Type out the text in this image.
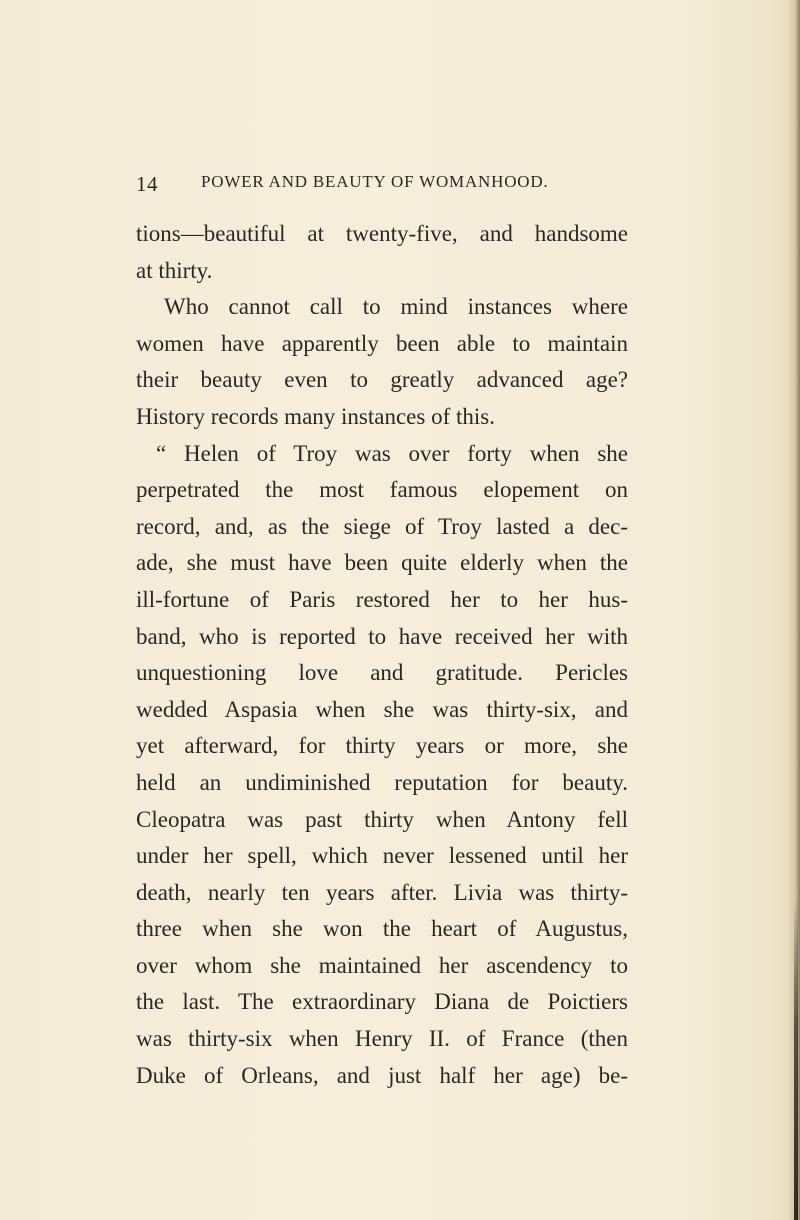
14	POWER AND BEAUTY OF WOMANHOOD.
tions—beautiful at twenty-five, and handsome
at thirty.
Who cannot call to mind instances where
women have apparently been able to maintain
their beauty even to greatly advanced age?
History records many instances of this.
“ Helen of Troy was over forty when she
perpetrated the most famous elopement on
record, and, as the siege of Troy lasted a dec-
ade, she must have been quite elderly when the
ill-fortune of Paris restored her to her hus-
band, who is reported to have received her with
unquestioning love and gratitude. Pericles
wedded Aspasia when she was thirty-six, and
yet afterward, for thirty years or more, she
held an undiminished reputation for beauty.
Cleopatra was past thirty when Antony fell
under her spell, which never lessened until her
death, nearly ten years after. Livia was thirty-
three when she won the heart of Augustus,
over whom she maintained her ascendency to
the last. The extraordinary Diana de Poictiers
was thirty-six when Henry II. of France (then
Duke of Orleans, and just half her age) be-
